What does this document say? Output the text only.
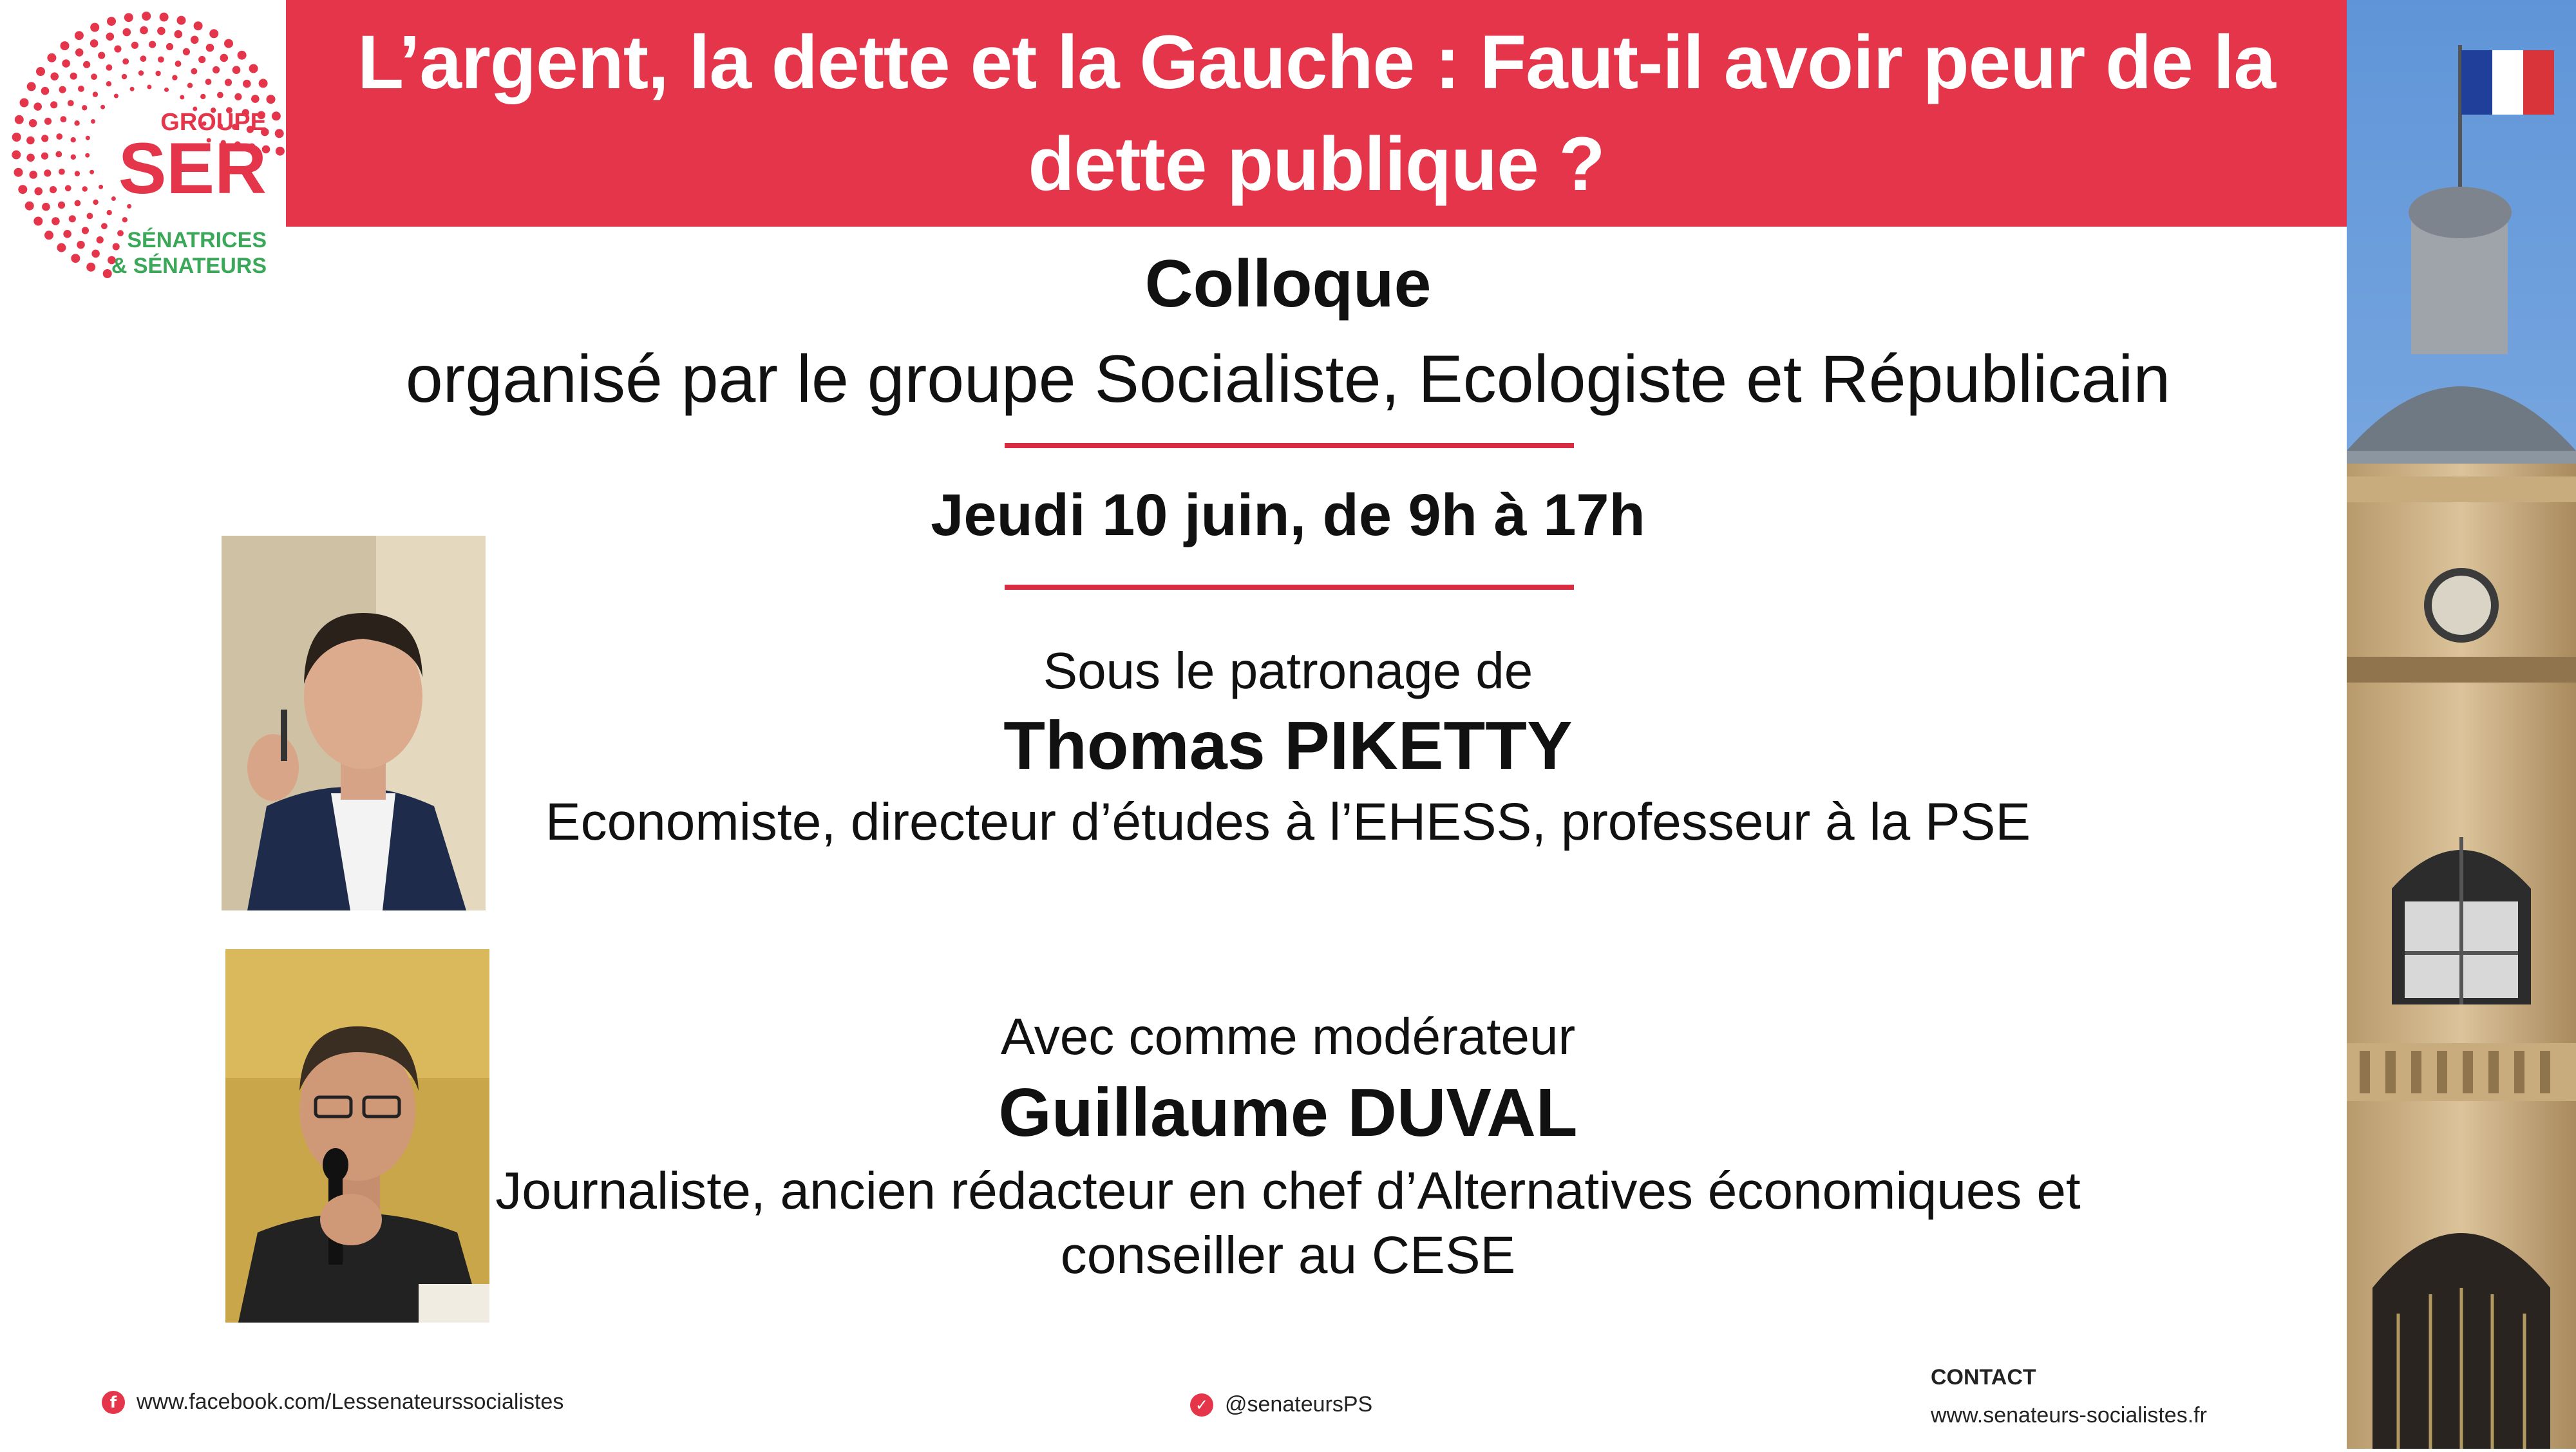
GROUPE
SER
SÉNATRICES
& SÉNATEURS
L’argent, la dette et la Gauche : Faut-il avoir peur de la dette publique ?
Colloque
organisé par le groupe Socialiste, Ecologiste et Républicain
Jeudi 10 juin, de 9h à 17h
Sous le patronage de
Thomas PIKETTY
Economiste, directeur d’études à l’EHESS, professeur à la PSE
Avec comme modérateur
Guillaume DUVAL
Journaliste, ancien rédacteur en chef d’Alternatives économiques et
conseiller au CESE
f www.facebook.com/Lessenateurssocialistes	✓ @senateursPS
CONTACT
www.senateurs-socialistes.fr
